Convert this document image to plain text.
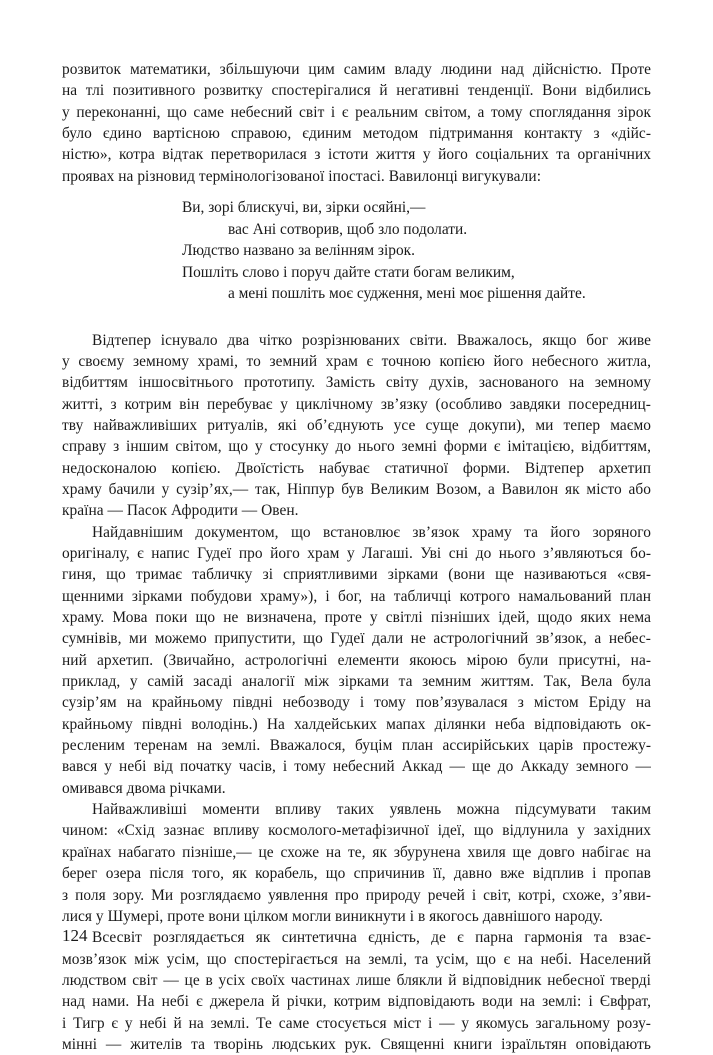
розвиток математики, збільшуючи цим самим владу людини над дійсністю. Проте
на тлі позитивного розвитку спостерігалися й негативні тенденції. Вони відбились
у переконанні, що саме небесний світ і є реальним світом, а тому споглядання зірок
було єдино вартісною справою, єдиним методом підтримання контакту з «дійс-
ністю», котра відтак перетворилася з істоти життя у його соціальних та органічних
проявах на різновид термінологізованої іпостасі. Вавилонці вигукували:
Ви, зорі блискучі, ви, зірки осяйні,—
вас Ані сотворив, щоб зло подолати.
Людство названо за велінням зірок.
Пошліть слово і поруч дайте стати богам великим,
а мені пошліть моє судження, мені моє рішення дайте.
Відтепер існувало два чітко розрізнюваних світи. Вважалось, якщо бог живе
у своєму земному храмі, то земний храм є точною копією його небесного житла,
відбиттям іншосвітнього прототипу. Замість світу духів, заснованого на земному
житті, з котрим він перебуває у циклічному зв’язку (особливо завдяки посередниц-
тву найважливіших ритуалів, які об’єднують усе суще докупи), ми тепер маємо
справу з іншим світом, що у стосунку до нього земні форми є імітацією, відбиттям,
недосконалою копією. Двоїстість набуває статичної форми. Відтепер архетип
храму бачили у сузір’ях,— так, Ніппур був Великим Возом, а Вавилон як місто або
країна — Пасок Афродити — Овен.
Найдавнішим документом, що встановлює зв’язок храму та його зоряного
оригіналу, є напис Гудеї про його храм у Лагаші. Уві сні до нього з’являються бо-
гиня, що тримає табличку зі сприятливими зірками (вони ще називаються «свя-
щенними зірками побудови храму»), і бог, на табличці котрого намальований план
храму. Мова поки що не визначена, проте у світлі пізніших ідей, щодо яких нема
сумнівів, ми можемо припустити, що Гудеї дали не астрологічний зв’язок, а небес-
ний архетип. (Звичайно, астрологічні елементи якоюсь мірою були присутні, на-
приклад, у самій засаді аналогії між зірками та земним життям. Так, Вела була
сузір’ям на крайньому півдні небозводу і тому пов’язувалася з містом Еріду на
крайньому півдні володінь.) На халдейських мапах ділянки неба відповідають ок-
ресленим теренам на землі. Вважалося, буцім план ассирійських царів простежу-
вався у небі від початку часів, і тому небесний Аккад — ще до Аккаду земного —
омивався двома річками.
Найважливіші моменти впливу таких уявлень можна підсумувати таким
чином: «Схід зазнає впливу космолого-метафізичної ідеї, що відлунила у західних
країнах набагато пізніше,— це схоже на те, як збурунена хвиля ще довго набігає на
берег озера після того, як корабель, що спричинив її, давно вже відплив і пропав
з поля зору. Ми розглядаємо уявлення про природу речей і світ, котрі, схоже, з’яви-
лися у Шумері, проте вони цілком могли виникнути і в якогось давнішого народу.
Всесвіт розглядається як синтетична єдність, де є парна гармонія та взає-
мозв’язок між усім, що спостерігається на землі, та усім, що є на небі. Населений
людством світ — це в усіх своїх частинах лише блякли й відповідник небесної тверді
над нами. На небі є джерела й річки, котрим відповідають води на землі: і Євфрат,
і Тигр є у небі й на землі. Те саме стосується міст і — у якомусь загальному розу-
мінні — жителів та творінь людських рук. Священні книги ізраїльтян оповідають
124
